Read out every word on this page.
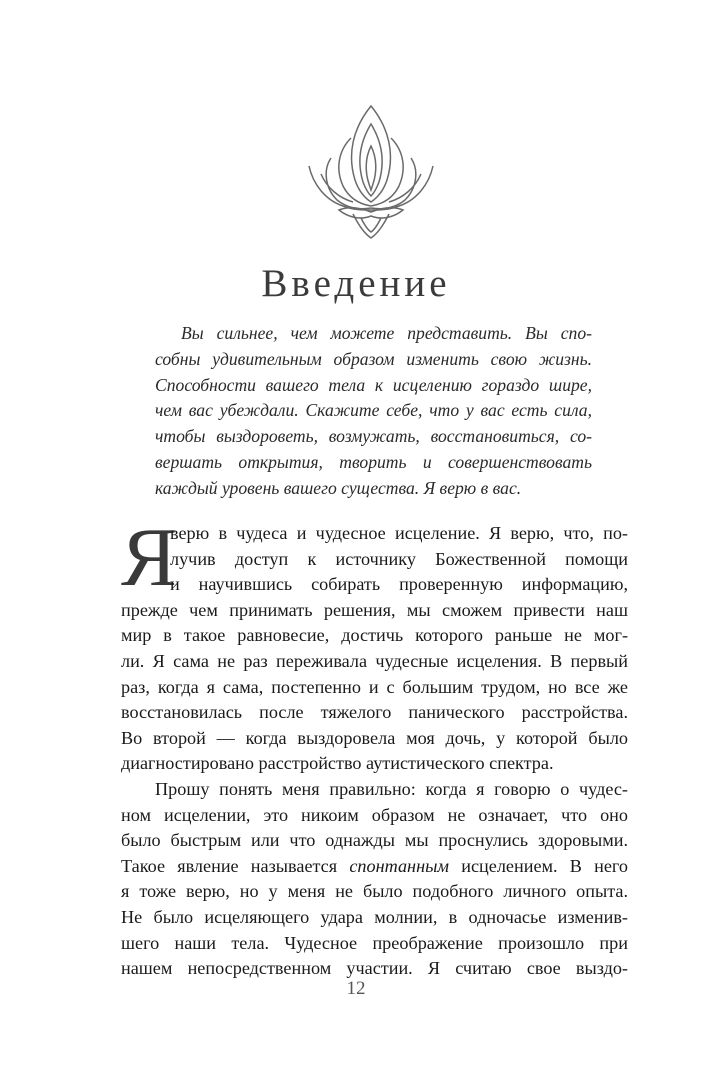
Введение
Вы сильнее, чем можете представить. Вы спо-
собны удивительным образом изменить свою жизнь.
Способности вашего тела к исцелению гораздо шире,
чем вас убеждали. Скажите себе, что у вас есть сила,
чтобы выздороветь, возмужать, восстановиться, со-
вершать открытия, творить и совершенствовать
каждый уровень вашего существа. Я верю в вас.
Я
верю в чудеса и чудесное исцеление. Я верю, что, по-
лучив доступ к источнику Божественной помощи
и научившись собирать проверенную информацию,
прежде чем принимать решения, мы сможем привести наш
мир в такое равновесие, достичь которого раньше не мог-
ли. Я сама не раз переживала чудесные исцеления. В первый
раз, когда я сама, постепенно и с большим трудом, но все же
восстановилась после тяжелого панического расстройства.
Во второй — когда выздоровела моя дочь, у которой было
диагностировано расстройство аутистического спектра.
Прошу понять меня правильно: когда я говорю о чудес-
ном исцелении, это никоим образом не означает, что оно
было быстрым или что однажды мы проснулись здоровыми.
Такое явление называется спонтанным исцелением. В него
я тоже верю, но у меня не было подобного личного опыта.
Не было исцеляющего удара молнии, в одночасье изменив-
шего наши тела. Чудесное преображение произошло при
нашем непосредственном участии. Я считаю свое выздо-
12
